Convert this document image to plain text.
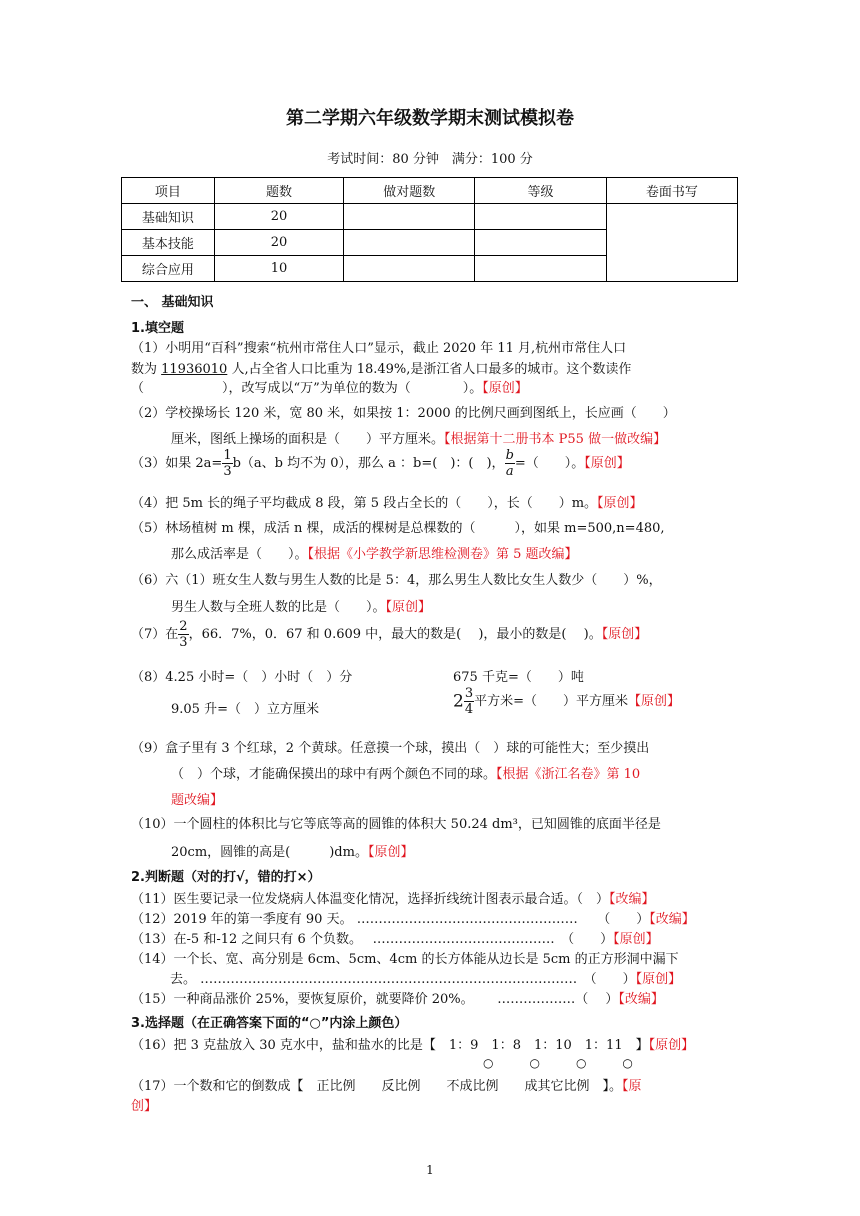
第二学期六年级数学期末测试模拟卷
考试时间：80 分钟　满分：100 分
项目	题数	做对题数	等级	卷面书写
基础知识	20			
基本技能	20			
综合应用	10			
一、 基础知识
1.填空题
（1）小明用“百科”搜索“杭州市常住人口”显示，截止 2020 年 11 月,杭州市常住人口
数为 11936010 人,占全省人口比重为 18.49%,是浙江省人口最多的城市。这个数读作
（　　　　　　），改写成以“万”为单位的数为（　　　　）。【原创】
（2）学校操场长 120 米，宽 80 米，如果按 1：2000 的比例尺画到图纸上，长应画（　　）
厘米，图纸上操场的面积是（　　）平方厘米。【根据第十二册书本 P55 做一做改编】
（3）如果 $2a= \frac{1}{3} b(a$、b 均不为 0），那么 a ：b=(　)：(　)， $\frac{b}{a}$ =（　　）。【原创】
（4）把 5m 长的绳子平均截成 8 段，第 5 段占全长的（　　），长（　　）m。【原创】
（5）林场植树 m 棵，成活 n 棵，成活的棵树是总棵数的（　　　），如果 m=500,n=480,
那么成活率是（　　）。【根据《小学教学新思维检测卷》第 5 题改编】
（6）六（1）班女生人数与男生人数的比是 5：4，那么男生人数比女生人数少（　　）%，
男生人数与全班人数的比是（　　）。【原创】
（7）在 $\frac{2}{3}$ ，66．7%，0．67 和 0.609 中，最大的数是(　 )，最小的数是(　 )。【原创】
（8）4.25 小时=（　）小时（　）分	675 千克=（　　）吨
9.05 升=（　）立方厘米	$2 \frac{3}{4}$ 平方米=（　　）平方厘米【原创】
（9）盒子里有 3 个红球，2 个黄球。任意摸一个球，摸出（　）球的可能性大；至少摸出
（　）个球，才能确保摸出的球中有两个颜色不同的球。【根据《浙江名卷》第 10
题改编】
（10）一个圆柱的体积比与它等底等高的圆锥的体积大 50.24 dm³，已知圆锥的底面半径是
20cm，圆锥的高是(　　　)dm。【原创】
2.判断题（对的打√，错的打×）
（11）医生要记录一位发烧病人体温变化情况，选择折线统计图表示最合适。（　）【改编】
（12）2019 年的第一季度有 90 天。 ……………………………………………　　（　　）【改编】
（13）在-5 和-12 之间只有 6 个负数。　 ……………………………………　（　　）【原创】
（14）一个长、宽、高分别是 6cm、5cm、4cm 的长方体能从边长是 5cm 的正方形洞中漏下
　　　去。 ……………………………………………………………………………　（　　）【原创】
（15）一种商品涨价 25%，要恢复原价，就要降价 20%。　　 ………………（　 ）【改编】
3.选择题（在正确答案下面的“○”内涂上颜色）
（16）把 3 克盐放入 30 克水中，盐和盐水的比是【　1：9　1：8　1：10　1：11　】【原创】
○　　　○　　　○　　　○
（17）一个数和它的倒数成【　正比例　　反比例　　不成比例　　成其它比例　】。【原
创】
1
